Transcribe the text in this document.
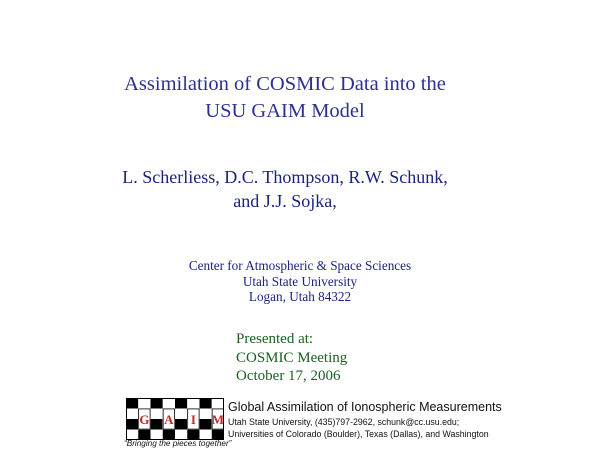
Assimilation of COSMIC Data into the
USU GAIM Model
L. Scherliess, D.C. Thompson, R.W. Schunk,
and J.J. Sojka,
Center for Atmospheric & Space Sciences
Utah State University
Logan, Utah 84322
Presented at:
COSMIC Meeting
October 17, 2006
G A I M
Global Assimilation of Ionospheric Measurements
Utah State University, (435)797-2962, schunk@cc.usu.edu;
Universities of Colorado (Boulder), Texas (Dallas), and Washington
“Bringing the pieces together”
